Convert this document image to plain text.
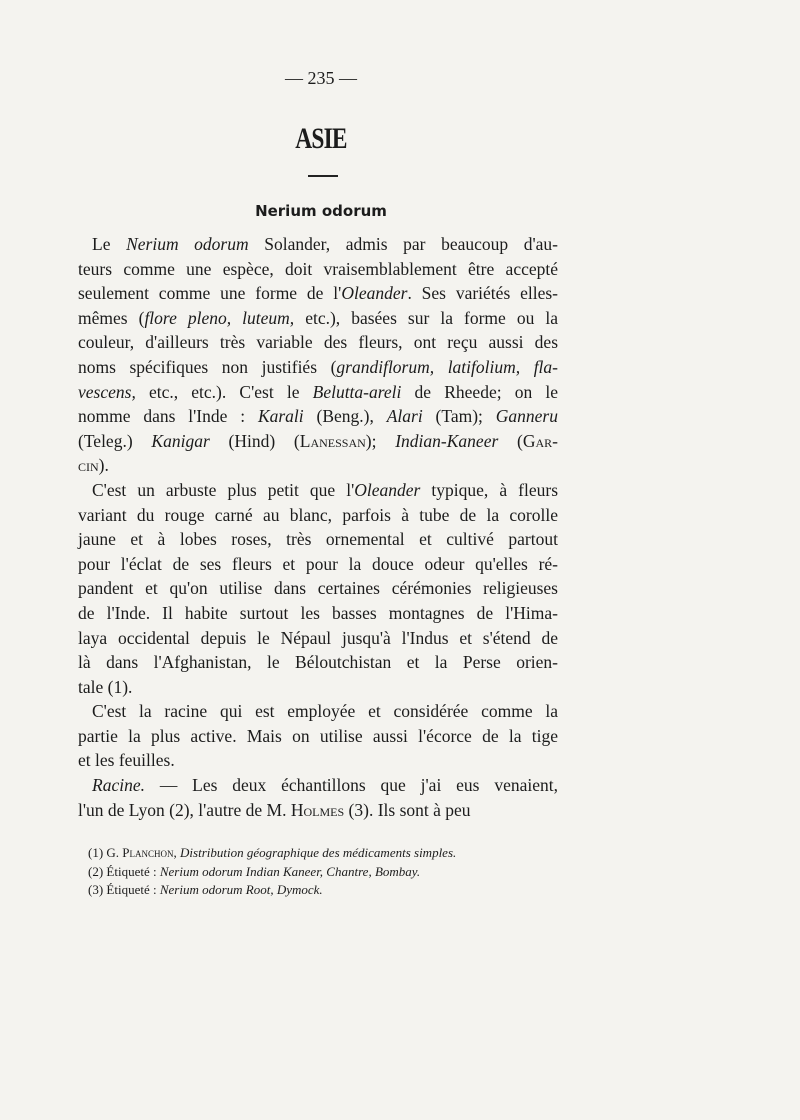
— 235 —
ASIE
Nerium odorum
Le Nerium odorum Solander, admis par beaucoup d'au-
teurs comme une espèce, doit vraisemblablement être accepté
seulement comme une forme de l'Oleander. Ses variétés elles-
mêmes (flore pleno, luteum, etc.), basées sur la forme ou la
couleur, d'ailleurs très variable des fleurs, ont reçu aussi des
noms spécifiques non justifiés (grandiflorum, latifolium, fla-
vescens, etc., etc.). C'est le Belutta-areli de Rheede; on le
nomme dans l'Inde : Karali (Beng.), Alari (Tam); Ganneru
(Teleg.) Kanigar (Hind) (Lanessan); Indian-Kaneer (Gar-
cin).
C'est un arbuste plus petit que l'Oleander typique, à fleurs
variant du rouge carné au blanc, parfois à tube de la corolle
jaune et à lobes roses, très ornemental et cultivé partout
pour l'éclat de ses fleurs et pour la douce odeur qu'elles ré-
pandent et qu'on utilise dans certaines cérémonies religieuses
de l'Inde. Il habite surtout les basses montagnes de l'Hima-
laya occidental depuis le Népaul jusqu'à l'Indus et s'étend de
là dans l'Afghanistan, le Béloutchistan et la Perse orien-
tale (1).
C'est la racine qui est employée et considérée comme la
partie la plus active. Mais on utilise aussi l'écorce de la tige
et les feuilles.
Racine. — Les deux échantillons que j'ai eus venaient,
l'un de Lyon (2), l'autre de M. Holmes (3). Ils sont à peu
(1) G. Planchon, Distribution géographique des médicaments simples.
(2) Étiqueté : Nerium odorum Indian Kaneer, Chantre, Bombay.
(3) Étiqueté : Nerium odorum Root, Dymock.
